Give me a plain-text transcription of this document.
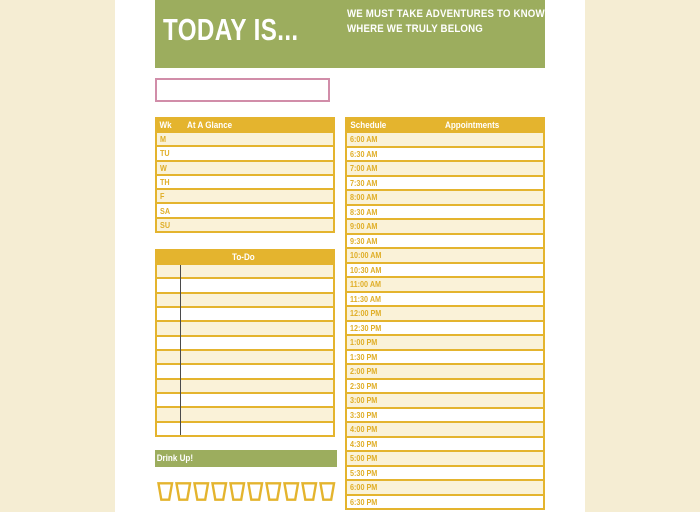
TODAY IS...	WE MUST TAKE ADVENTURES TO KNOW
WHERE WE TRULY BELONG
Wk At A Glance
M
TU
W
TH
F
SA
SU
Schedule	Appointments
6:00 AM
6:30 AM
7:00 AM
7:30 AM
8:00 AM
8:30 AM
9:00 AM
9:30 AM
10:00 AM
10:30 AM
11:00 AM
11:30 AM
12:00 PM
12:30 PM
1:00 PM
1:30 PM
2:00 PM
2:30 PM
3:00 PM
3:30 PM
4:00 PM
4:30 PM
5:00 PM
5:30 PM
6:00 PM
6:30 PM
To-Do
Drink Up!
